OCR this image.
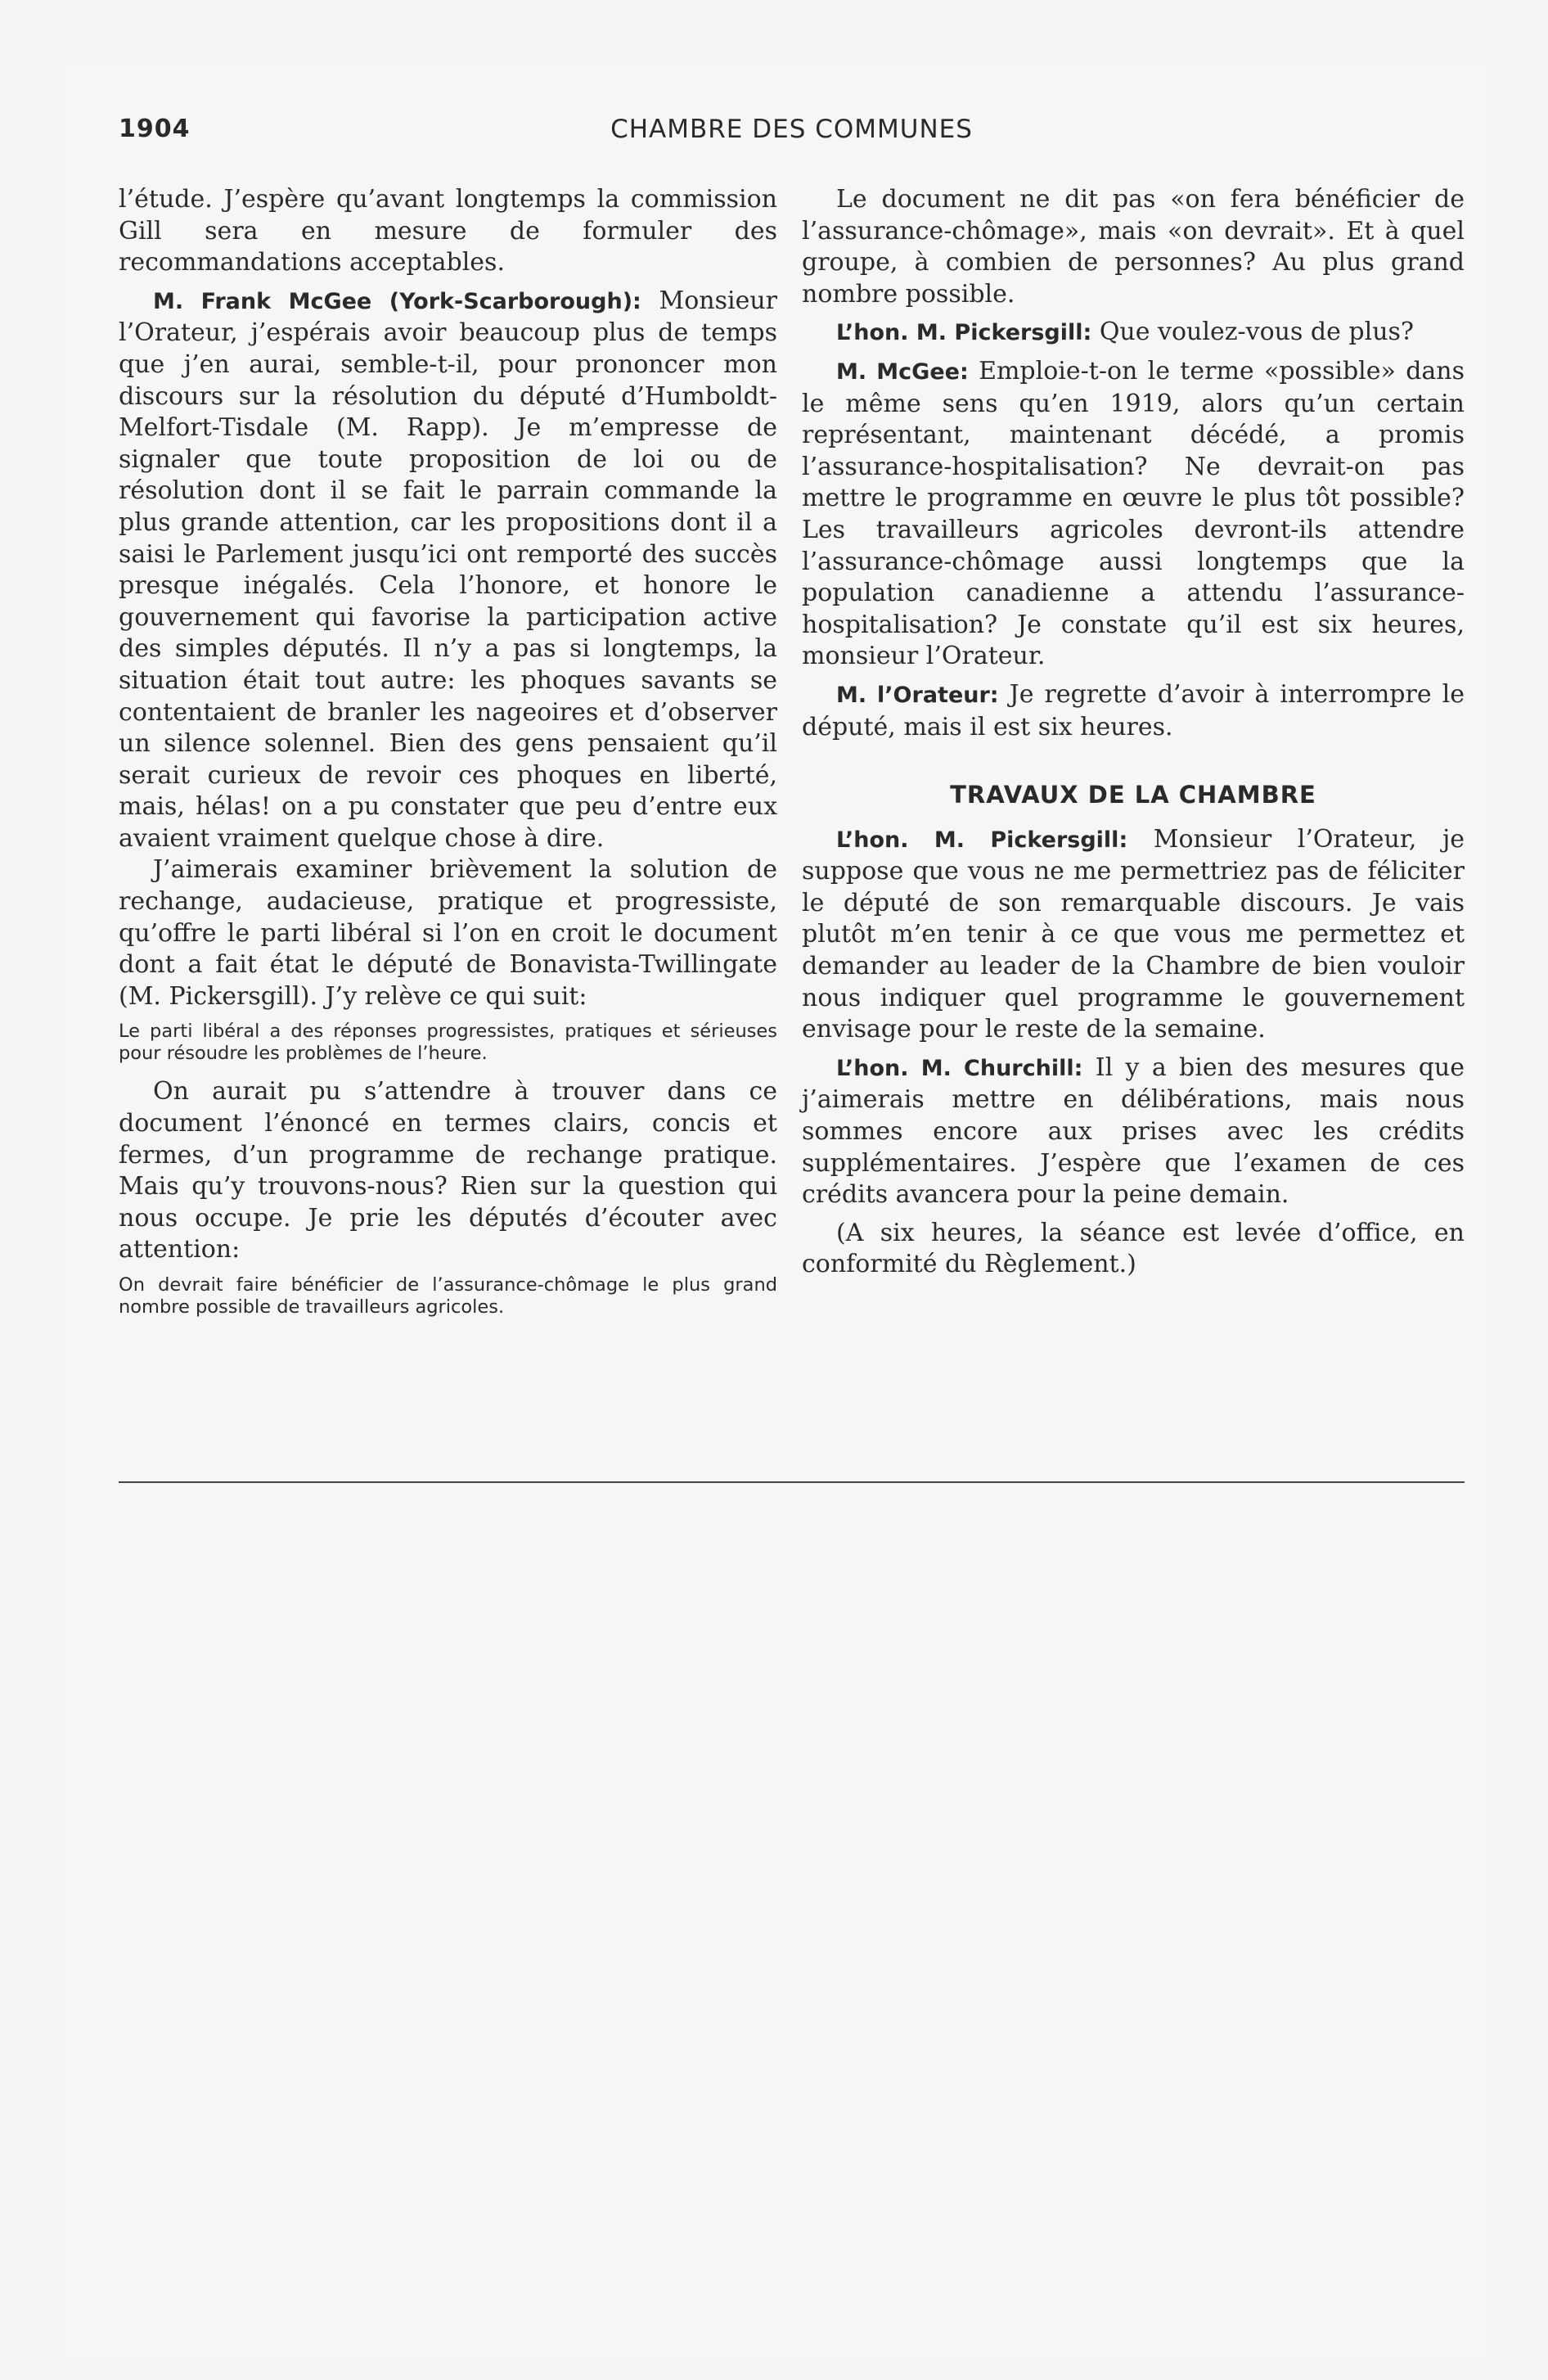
1904	CHAMBRE DES COMMUNES

l’étude. J’espère qu’avant longtemps la commission Gill sera en mesure de formuler des recommandations acceptables.

M. Frank McGee (York-Scarborough): Monsieur l’Orateur, j’espérais avoir beaucoup plus de temps que j’en aurai, semble-t-il, pour prononcer mon discours sur la résolution du député d’Humboldt-Melfort-Tisdale (M. Rapp). Je m’empresse de signaler que toute proposition de loi ou de résolution dont il se fait le parrain commande la plus grande attention, car les propositions dont il a saisi le Parlement jusqu’ici ont remporté des succès presque inégalés. Cela l’honore, et honore le gouvernement qui favorise la participation active des simples députés. Il n’y a pas si longtemps, la situation était tout autre: les phoques savants se contentaient de branler les nageoires et d’observer un silence solennel. Bien des gens pensaient qu’il serait curieux de revoir ces phoques en liberté, mais, hélas! on a pu constater que peu d’entre eux avaient vraiment quelque chose à dire.

J’aimerais examiner brièvement la solution de rechange, audacieuse, pratique et progressiste, qu’offre le parti libéral si l’on en croit le document dont a fait état le député de Bonavista-Twillingate (M. Pickersgill). J’y relève ce qui suit:

Le parti libéral a des réponses progressistes, pratiques et sérieuses pour résoudre les problèmes de l’heure.

On aurait pu s’attendre à trouver dans ce document l’énoncé en termes clairs, concis et fermes, d’un programme de rechange pratique. Mais qu’y trouvons-nous? Rien sur la question qui nous occupe. Je prie les députés d’écouter avec attention:

On devrait faire bénéficier de l’assurance-chômage le plus grand nombre possible de travailleurs agricoles.

Le document ne dit pas «on fera bénéficier de l’assurance-chômage», mais «on devrait». Et à quel groupe, à combien de personnes? Au plus grand nombre possible.

L’hon. M. Pickersgill: Que voulez-vous de plus?

M. McGee: Emploie-t-on le terme «possible» dans le même sens qu’en 1919, alors qu’un certain représentant, maintenant décédé, a promis l’assurance-hospitalisation? Ne devrait-on pas mettre le programme en œuvre le plus tôt possible? Les travailleurs agricoles devront-ils attendre l’assurance-chômage aussi longtemps que la population canadienne a attendu l’assurance-hospitalisation? Je constate qu’il est six heures, monsieur l’Orateur.

M. l’Orateur: Je regrette d’avoir à interrompre le député, mais il est six heures.

TRAVAUX DE LA CHAMBRE

L’hon. M. Pickersgill: Monsieur l’Orateur, je suppose que vous ne me permettriez pas de féliciter le député de son remarquable discours. Je vais plutôt m’en tenir à ce que vous me permettez et demander au leader de la Chambre de bien vouloir nous indiquer quel programme le gouvernement envisage pour le reste de la semaine.

L’hon. M. Churchill: Il y a bien des mesures que j’aimerais mettre en délibérations, mais nous sommes encore aux prises avec les crédits supplémentaires. J’espère que l’examen de ces crédits avancera pour la peine demain.

(A six heures, la séance est levée d’office, en conformité du Règlement.)
